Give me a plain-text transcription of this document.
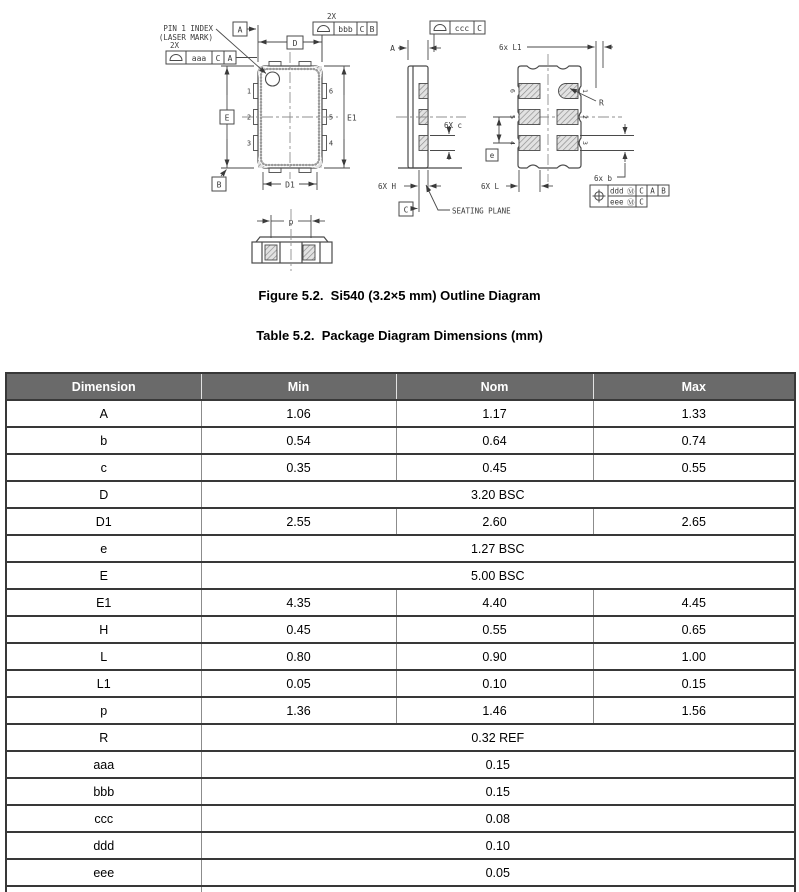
1
2
3
6
5
4
D
A	bbb C B
2X
aaa C A
2X
PIN 1 INDEX
(LASER MARK)
E
B	D1
E1
A
ccc C
6X c
6X H
C	SEATING PLANE
6
5
4
1
2
3
R
6x L1
e
6X L
6x b
ddd Ⓜ C A B
eee Ⓜ C
p
Figure 5.2.  Si540 (3.2×5 mm) Outline Diagram
Table 5.2.  Package Diagram Dimensions (mm)
Dimension	Min	Nom	Max
A	1.06	1.17	1.33
b	0.54	0.64	0.74
c	0.35	0.45	0.55
D	3.20 BSC		
D1	2.55	2.60	2.65
e	1.27 BSC		
E	5.00 BSC		
E1	4.35	4.40	4.45
H	0.45	0.55	0.65
L	0.80	0.90	1.00
L1	0.05	0.10	0.15
p	1.36	1.46	1.56
R	0.32 REF		
aaa	0.15		
bbb	0.15		
ccc	0.08		
ddd	0.10		
eee	0.05		
